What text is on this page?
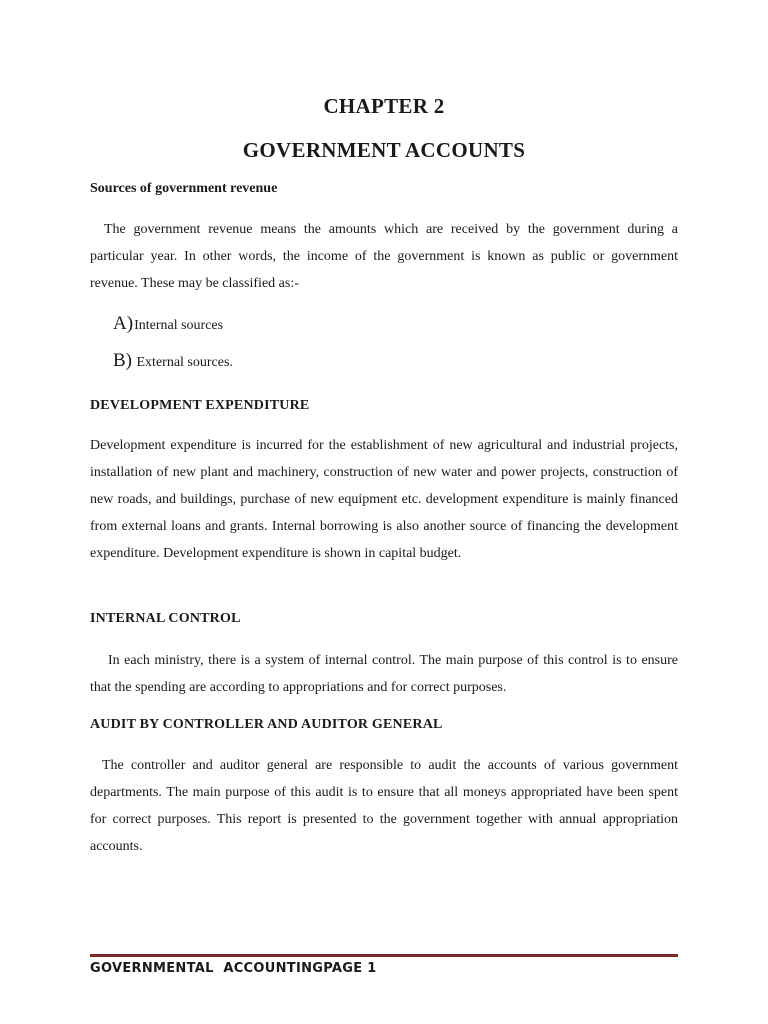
CHAPTER 2
GOVERNMENT ACCOUNTS
Sources of government revenue
The government revenue means the amounts which are received by the government during a particular year. In other words, the income of the government is known as public or government revenue. These may be classified as:-
A)Internal sources
B) External sources.
DEVELOPMENT EXPENDITURE
Development expenditure is incurred for the establishment of new agricultural and industrial projects, installation of new plant and machinery, construction of new water and power projects, construction of new roads, and buildings, purchase of new equipment etc. development expenditure is mainly financed from external loans and grants. Internal borrowing is also another source of financing the development expenditure. Development expenditure is shown in capital budget.
INTERNAL CONTROL
In each ministry, there is a system of internal control. The main purpose of this control is to ensure that the spending are according to appropriations and for correct purposes.
AUDIT BY CONTROLLER AND AUDITOR GENERAL
The controller and auditor general are responsible to audit the accounts of various government departments. The main purpose of this audit is to ensure that all moneys appropriated have been spent for correct purposes. This report is presented to the government together with annual appropriation accounts.
GOVERNMENTAL  ACCOUNTINGPAGE 1
